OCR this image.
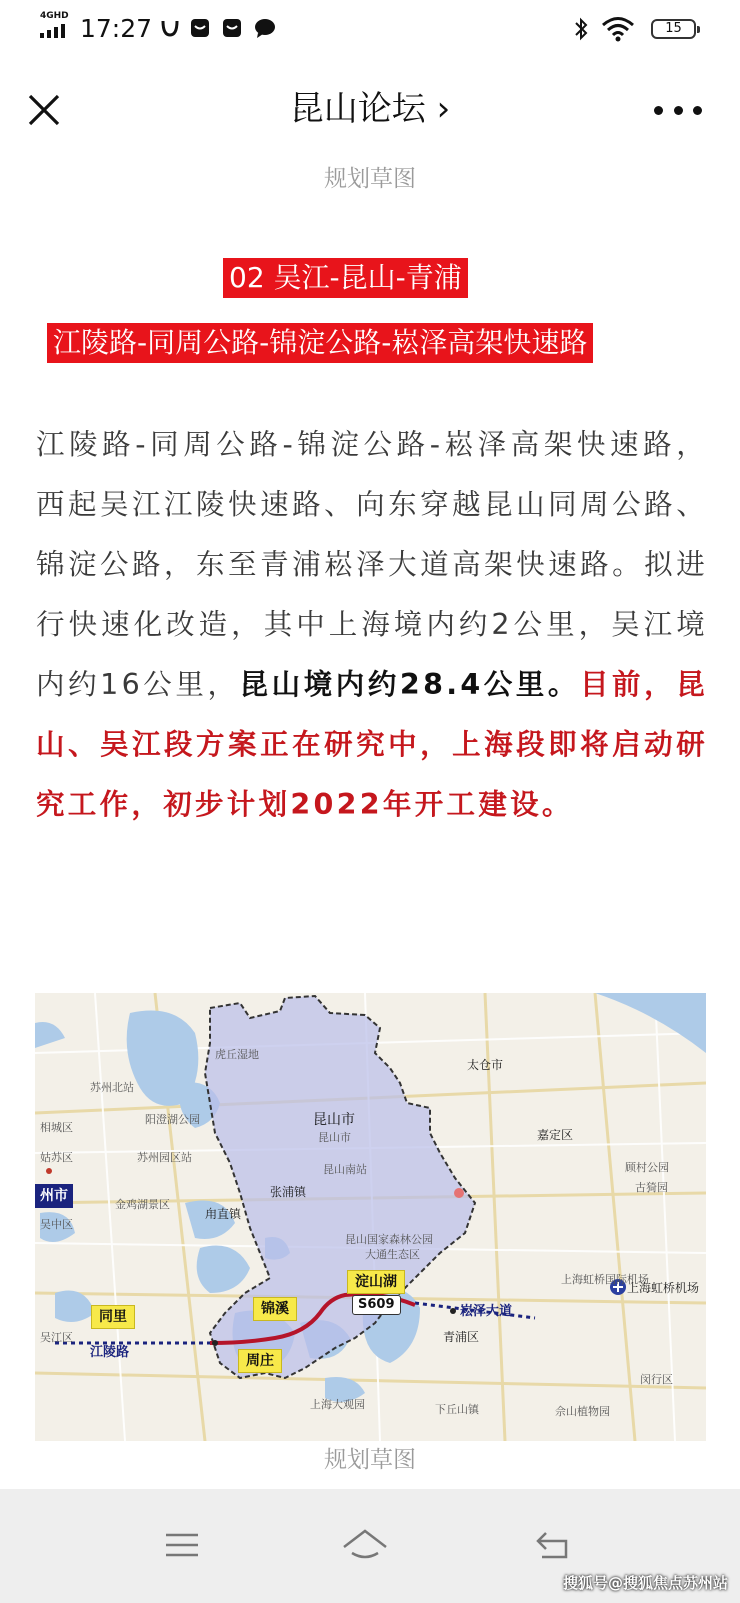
4GHD 17:27	15
昆山论坛 ›
规划草图
02 吴江-昆山-青浦
江陵路-同周公路-锦淀公路-崧泽高架快速路
江陵路-同周公路-锦淀公路-崧泽高架快速路，西起吴江江陵快速路、向东穿越昆山同周公路、锦淀公路，东至青浦崧泽大道高架快速路。拟进行快速化改造，其中上海境内约2公里，吴江境内约16公里，昆山境内约28.4公里。目前，昆山、吴江段方案正在研究中，上海段即将启动研究工作，初步计划2022年开工建设。
苏州北站
阳澄湖公园
相城区
姑苏区	苏州园区站
吴中区
金鸡湖景区
甪直镇
州市
昆山市
昆山市
昆山南站
张浦镇
昆山国家森林公园
大通生态区
太仓市
嘉定区
顾村公园
古猗园
上海虹桥国际机场
上海虹桥机场
青浦区
吴江区
上海大观园	下丘山镇	佘山植物园
闵行区
虎丘湿地
淀山湖
锦溪
周庄
同里
S609
江陵路
崧泽大道
规划草图
搜狐号@搜狐焦点苏州站
